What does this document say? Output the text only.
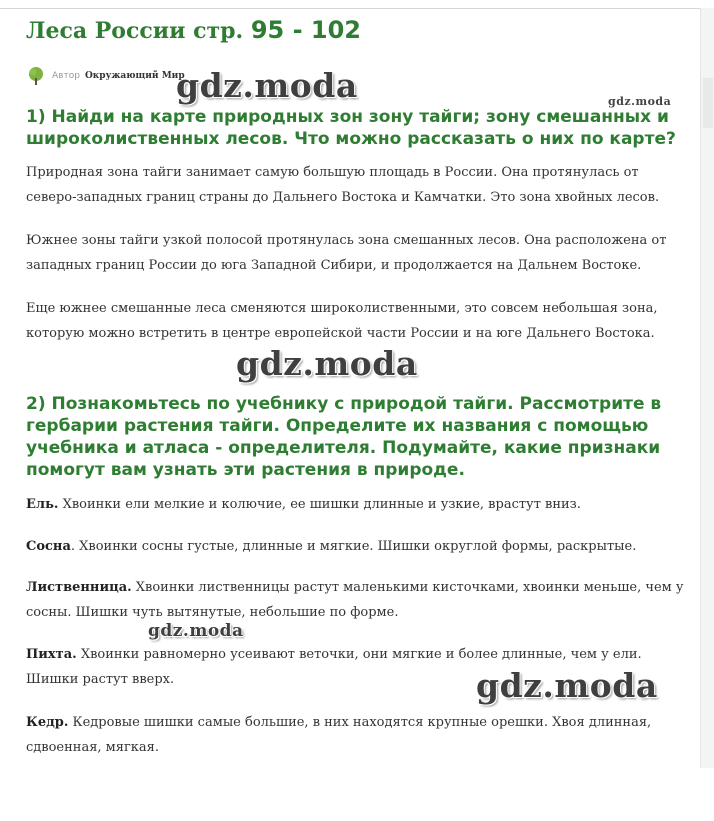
Леса России стр. 95 - 102
Автор Окружающий Мир

1) Найди на карте природных зон зону тайги; зону смешанных и широколиственных лесов. Что можно рассказать о них по карте?

Природная зона тайги занимает самую большую площадь в России. Она протянулась от северо-западных границ страны до Дальнего Востока и Камчатки. Это зона хвойных лесов.

Южнее зоны тайги узкой полосой протянулась зона смешанных лесов. Она расположена от западных границ России до юга Западной Сибири, и продолжается на Дальнем Востоке.

Еще южнее смешанные леса сменяются широколиственными, это совсем небольшая зона, которую можно встретить в центре европейской части России и на юге Дальнего Востока.

2) Познакомьтесь по учебнику с природой тайги. Рассмотрите в гербарии растения тайги. Определите их названия с помощью учебника и атласа - определителя. Подумайте, какие признаки помогут вам узнать эти растения в природе.

Ель. Хвоинки ели мелкие и колючие, ее шишки длинные и узкие, врастут вниз.

Сосна. Хвоинки сосны густые, длинные и мягкие. Шишки округлой формы, раскрытые.

Лиственница. Хвоинки лиственницы растут маленькими кисточками, хвоинки меньше, чем у сосны. Шишки чуть вытянутые, небольшие по форме.

Пихта. Хвоинки равномерно усеивают веточки, они мягкие и более длинные, чем у ели. Шишки растут вверх.

Кедр. Кедровые шишки самые большие, в них находятся крупные орешки. Хвоя длинная, сдвоенная, мягкая.

gdz.moda	gdz.moda
gdz.moda
gdz.moda
gdz.moda
